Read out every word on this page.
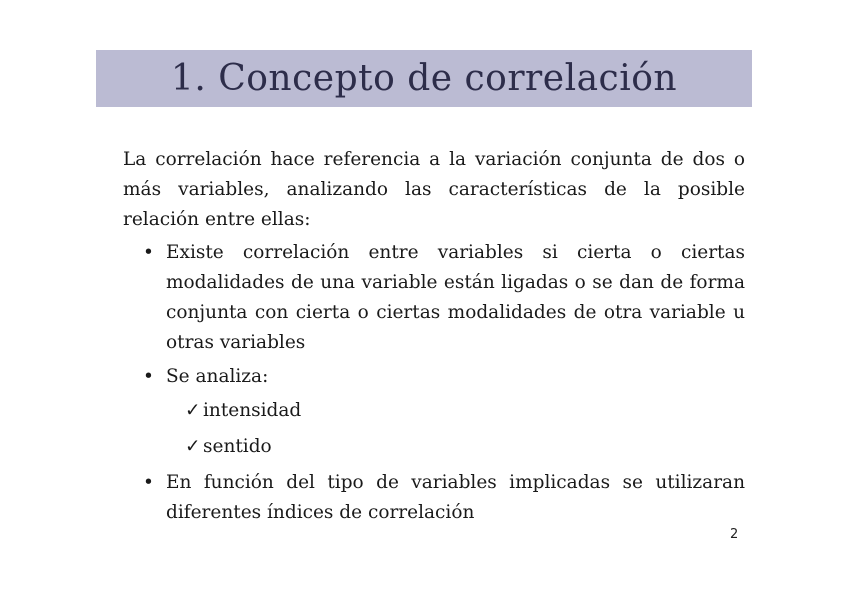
1. Concepto de correlación

La correlación hace referencia a la variación conjunta de dos o más variables, analizando las características de la posible relación entre ellas:

• Existe correlación entre variables si cierta o ciertas modalidades de una variable están ligadas o se dan de forma conjunta con cierta o ciertas modalidades de otra variable u otras variables
• Se analiza:
✓ intensidad
✓ sentido
• En función del tipo de variables implicadas se utilizaran diferentes índices de correlación
2
